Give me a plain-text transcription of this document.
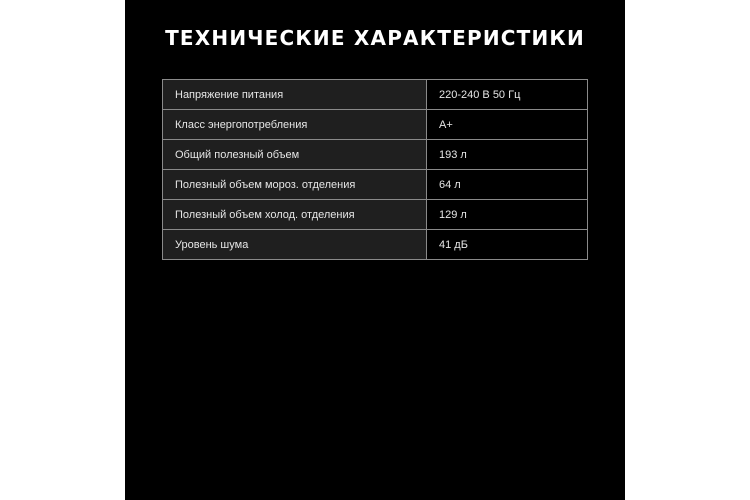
ТЕХНИЧЕСКИЕ ХАРАКТЕРИСТИКИ
Напряжение питания	220-240 В 50 Гц
Класс энергопотребления	А+
Общий полезный объем	193 л
Полезный объем мороз. отделения	64 л
Полезный объем холод. отделения	129 л
Уровень шума	41 дБ
